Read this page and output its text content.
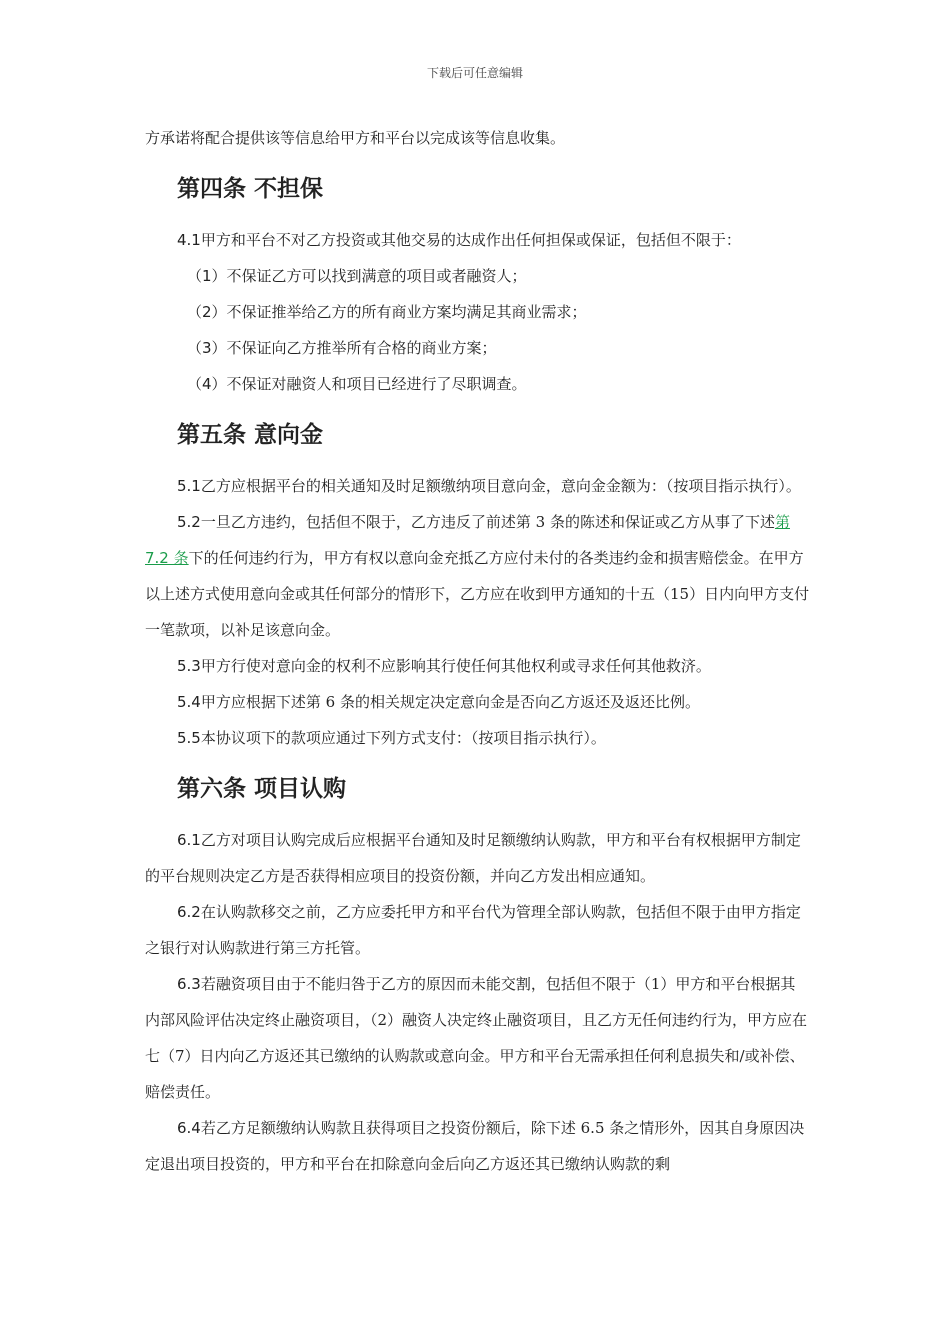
下载后可任意编辑

方承诺将配合提供该等信息给甲方和平台以完成该等信息收集。

第四条 不担保

4.1甲方和平台不对乙方投资或其他交易的达成作出任何担保或保证，包括但不限于：

（1）不保证乙方可以找到满意的项目或者融资人；

（2）不保证推举给乙方的所有商业方案均满足其商业需求；

（3）不保证向乙方推举所有合格的商业方案；

（4）不保证对融资人和项目已经进行了尽职调查。

第五条 意向金

5.1乙方应根据平台的相关通知及时足额缴纳项目意向金，意向金金额为：（按项目指示执行）。

5.2一旦乙方违约，包括但不限于，乙方违反了前述第 3 条的陈述和保证或乙方从事了下述第 7.2 条下的任何违约行为，甲方有权以意向金充抵乙方应付未付的各类违约金和损害赔偿金。在甲方以上述方式使用意向金或其任何部分的情形下，乙方应在收到甲方通知的十五（15）日内向甲方支付一笔款项，以补足该意向金。

5.3甲方行使对意向金的权利不应影响其行使任何其他权利或寻求任何其他救济。

5.4甲方应根据下述第 6 条的相关规定决定意向金是否向乙方返还及返还比例。

5.5本协议项下的款项应通过下列方式支付：（按项目指示执行）。

第六条 项目认购

6.1乙方对项目认购完成后应根据平台通知及时足额缴纳认购款，甲方和平台有权根据甲方制定的平台规则决定乙方是否获得相应项目的投资份额，并向乙方发出相应通知。

6.2在认购款移交之前，乙方应委托甲方和平台代为管理全部认购款，包括但不限于由甲方指定之银行对认购款进行第三方托管。

6.3若融资项目由于不能归咎于乙方的原因而未能交割，包括但不限于（1）甲方和平台根据其内部风险评估决定终止融资项目，（2）融资人决定终止融资项目，且乙方无任何违约行为，甲方应在七（7）日内向乙方返还其已缴纳的认购款或意向金。甲方和平台无需承担任何利息损失和/或补偿、赔偿责任。

6.4若乙方足额缴纳认购款且获得项目之投资份额后，除下述 6.5 条之情形外，因其自身原因决定退出项目投资的，甲方和平台在扣除意向金后向乙方返还其已缴纳认购款的剩
